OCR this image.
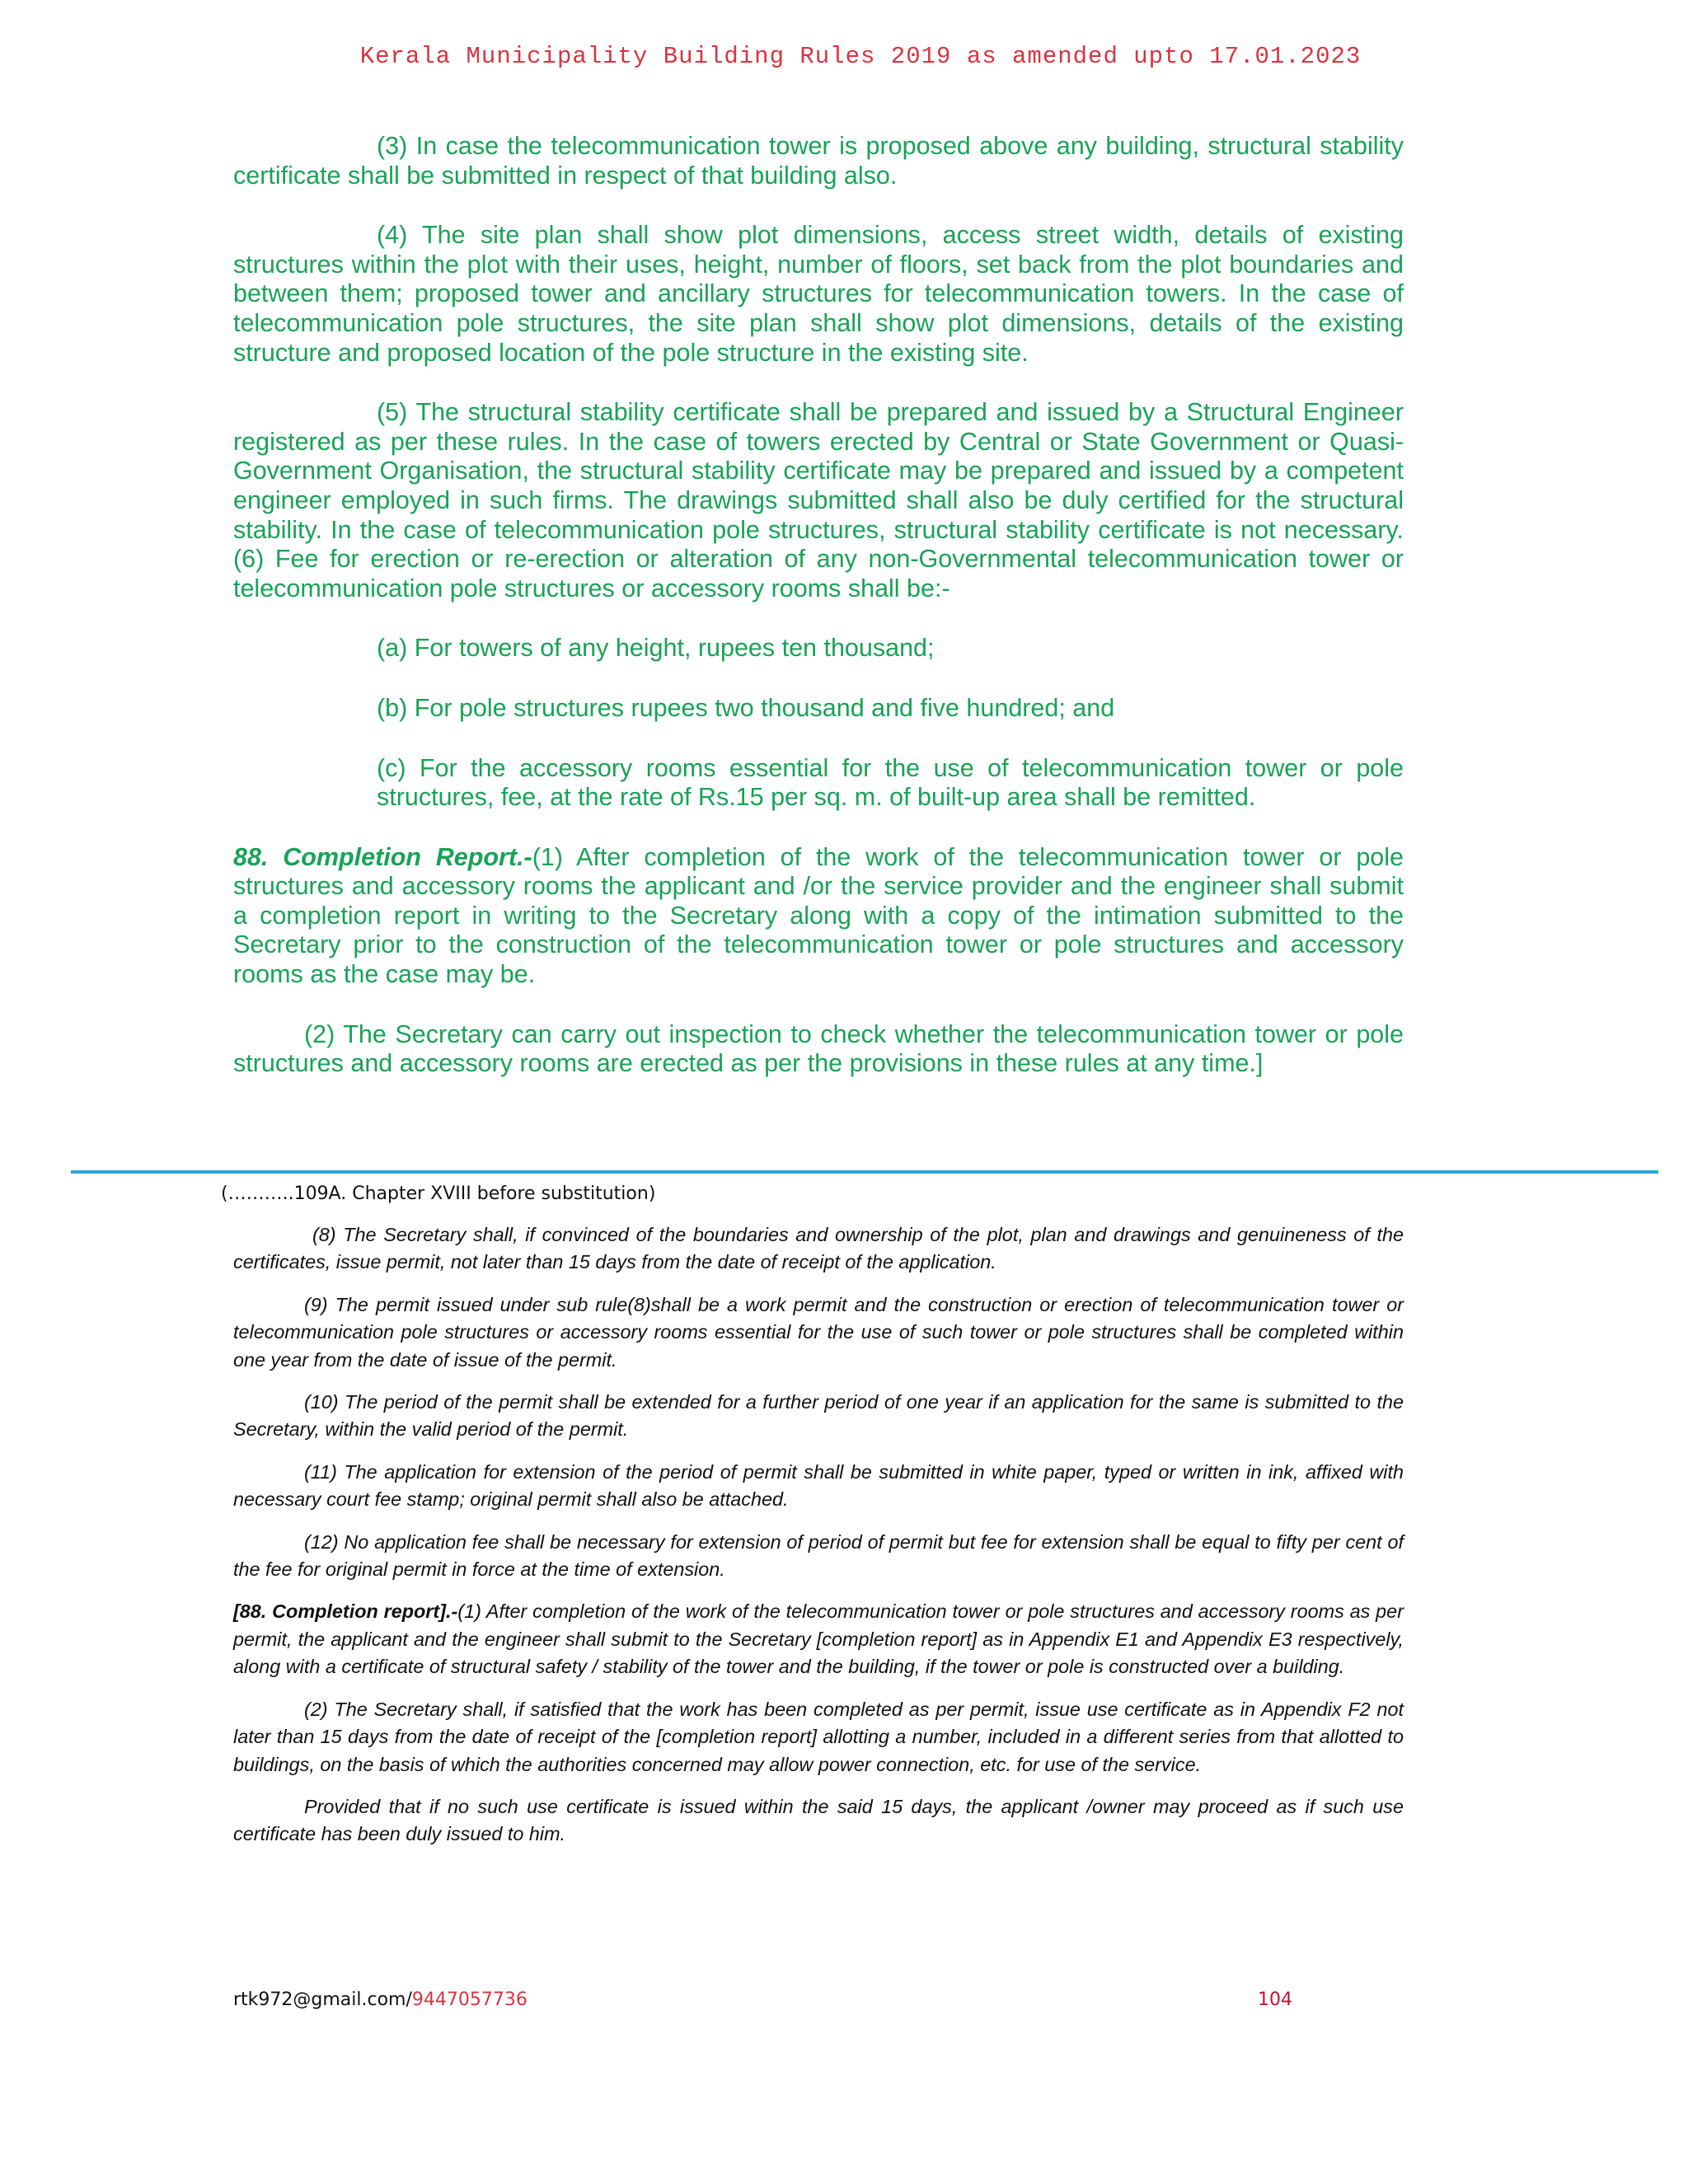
Kerala Municipality Building Rules 2019 as amended upto 17.01.2023

(3) In case the telecommunication tower is proposed above any building, structural stability certificate shall be submitted in respect of that building also.

(4) The site plan shall show plot dimensions, access street width, details of existing structures within the plot with their uses, height, number of floors, set back from the plot boundaries and between them; proposed tower and ancillary structures for telecommunication towers. In the case of telecommunication pole structures, the site plan shall show plot dimensions, details of the existing structure and proposed location of the pole structure in the existing site.

(5) The structural stability certificate shall be prepared and issued by a Structural Engineer registered as per these rules. In the case of towers erected by Central or State Government or Quasi-Government Organisation, the structural stability certificate may be prepared and issued by a competent engineer employed in such firms. The drawings submitted shall also be duly certified for the structural stability. In the case of telecommunication pole structures, structural stability certificate is not necessary. (6) Fee for erection or re-erection or alteration of any non-Governmental telecommunication tower or telecommunication pole structures or accessory rooms shall be:-

(a) For towers of any height, rupees ten thousand;

(b) For pole structures rupees two thousand and five hundred; and

(c) For the accessory rooms essential for the use of telecommunication tower or pole structures, fee, at the rate of Rs.15 per sq. m. of built-up area shall be remitted.

88. Completion Report.-(1) After completion of the work of the telecommunication tower or pole structures and accessory rooms the applicant and /or the service provider and the engineer shall submit a completion report in writing to the Secretary along with a copy of the intimation submitted to the Secretary prior to the construction of the telecommunication tower or pole structures and accessory rooms as the case may be.

(2) The Secretary can carry out inspection to check whether the telecommunication tower or pole structures and accessory rooms are erected as per the provisions in these rules at any time.]

(………..109A. Chapter XVIII before substitution)

(8) The Secretary shall, if convinced of the boundaries and ownership of the plot, plan and drawings and genuineness of the certificates, issue permit, not later than 15 days from the date of receipt of the application.

(9) The permit issued under sub rule(8)shall be a work permit and the construction or erection of telecommunication tower or telecommunication pole structures or accessory rooms essential for the use of such tower or pole structures shall be completed within one year from the date of issue of the permit.

(10) The period of the permit shall be extended for a further period of one year if an application for the same is submitted to the Secretary, within the valid period of the permit.

(11) The application for extension of the period of permit shall be submitted in white paper, typed or written in ink, affixed with necessary court fee stamp; original permit shall also be attached.

(12) No application fee shall be necessary for extension of period of permit but fee for extension shall be equal to fifty per cent of the fee for original permit in force at the time of extension.

[88. Completion report].-(1) After completion of the work of the telecommunication tower or pole structures and accessory rooms as per permit, the applicant and the engineer shall submit to the Secretary [completion report] as in Appendix E1 and Appendix E3 respectively, along with a certificate of structural safety / stability of the tower and the building, if the tower or pole is constructed over a building.

(2) The Secretary shall, if satisfied that the work has been completed as per permit, issue use certificate as in Appendix F2 not later than 15 days from the date of receipt of the [completion report] allotting a number, included in a different series from that allotted to buildings, on the basis of which the authorities concerned may allow power connection, etc. for use of the service.

Provided that if no such use certificate is issued within the said 15 days, the applicant /owner may proceed as if such use certificate has been duly issued to him.

rtk972@gmail.com/9447057736	104
